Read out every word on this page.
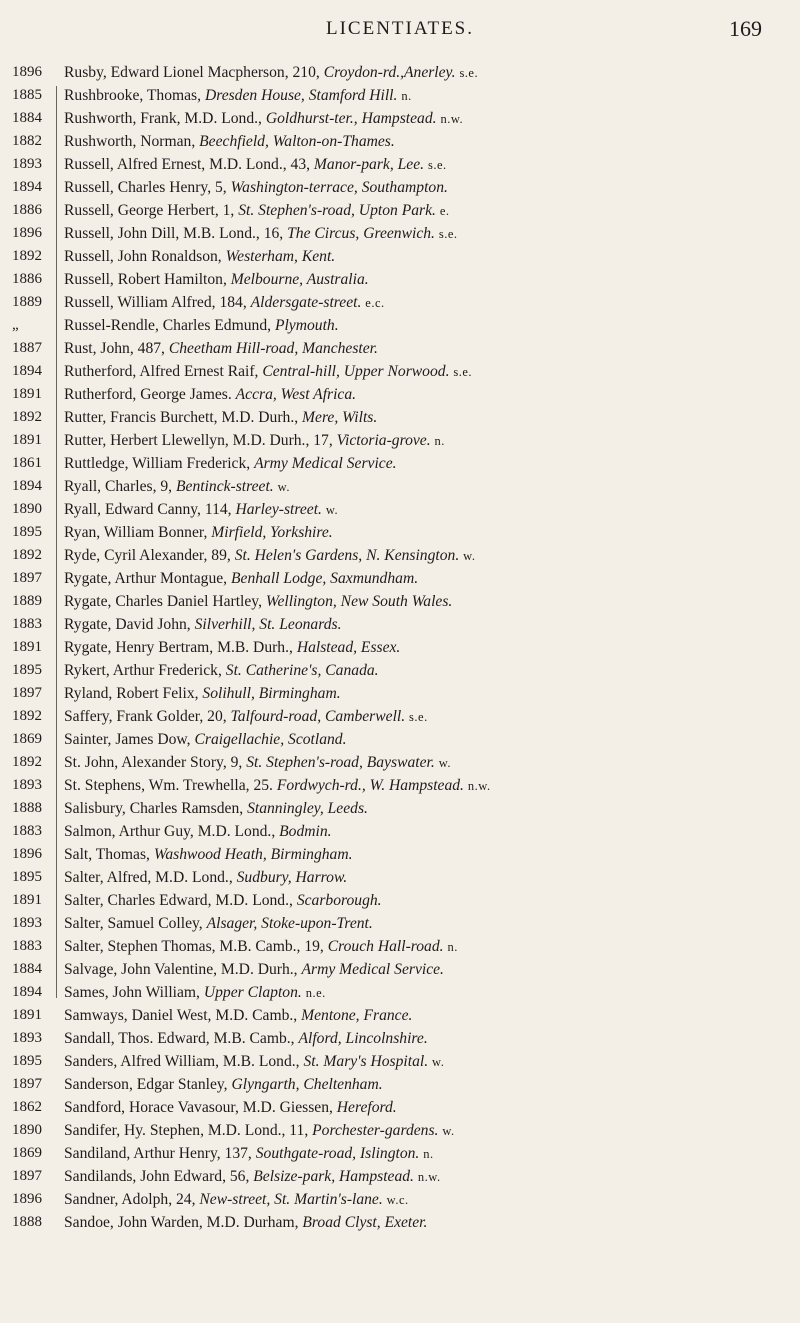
LICENTIATES.	169
1896	Rusby, Edward Lionel Macpherson, 210, Croydon-rd.,Anerley. s.e.
1885	Rushbrooke, Thomas, Dresden House, Stamford Hill. n.
1884	Rushworth, Frank, M.D. Lond., Goldhurst-ter., Hampstead. n.w.
1882	Rushworth, Norman, Beechfield, Walton-on-Thames.
1893	Russell, Alfred Ernest, M.D. Lond., 43, Manor-park, Lee. s.e.
1894	Russell, Charles Henry, 5, Washington-terrace, Southampton.
1886	Russell, George Herbert, 1, St. Stephen's-road, Upton Park. e.
1896	Russell, John Dill, M.B. Lond., 16, The Circus, Greenwich. s.e.
1892	Russell, John Ronaldson, Westerham, Kent.
1886	Russell, Robert Hamilton, Melbourne, Australia.
1889	Russell, William Alfred, 184, Aldersgate-street. e.c.
„	Russel-Rendle, Charles Edmund, Plymouth.
1887	Rust, John, 487, Cheetham Hill-road, Manchester.
1894	Rutherford, Alfred Ernest Raif, Central-hill, Upper Norwood. s.e.
1891	Rutherford, George James. Accra, West Africa.
1892	Rutter, Francis Burchett, M.D. Durh., Mere, Wilts.
1891	Rutter, Herbert Llewellyn, M.D. Durh., 17, Victoria-grove. n.
1861	Ruttledge, William Frederick, Army Medical Service.
1894	Ryall, Charles, 9, Bentinck-street. w.
1890	Ryall, Edward Canny, 114, Harley-street. w.
1895	Ryan, William Bonner, Mirfield, Yorkshire.
1892	Ryde, Cyril Alexander, 89, St. Helen's Gardens, N. Kensington. w.
1897	Rygate, Arthur Montague, Benhall Lodge, Saxmundham.
1889	Rygate, Charles Daniel Hartley, Wellington, New South Wales.
1883	Rygate, David John, Silverhill, St. Leonards.
1891	Rygate, Henry Bertram, M.B. Durh., Halstead, Essex.
1895	Rykert, Arthur Frederick, St. Catherine's, Canada.
1897	Ryland, Robert Felix, Solihull, Birmingham.
1892	Saffery, Frank Golder, 20, Talfourd-road, Camberwell. s.e.
1869	Sainter, James Dow, Craigellachie, Scotland.
1892	St. John, Alexander Story, 9, St. Stephen's-road, Bayswater. w.
1893	St. Stephens, Wm. Trewhella, 25. Fordwych-rd., W. Hampstead. n.w.
1888	Salisbury, Charles Ramsden, Stanningley, Leeds.
1883	Salmon, Arthur Guy, M.D. Lond., Bodmin.
1896	Salt, Thomas, Washwood Heath, Birmingham.
1895	Salter, Alfred, M.D. Lond., Sudbury, Harrow.
1891	Salter, Charles Edward, M.D. Lond., Scarborough.
1893	Salter, Samuel Colley, Alsager, Stoke-upon-Trent.
1883	Salter, Stephen Thomas, M.B. Camb., 19, Crouch Hall-road. n.
1884	Salvage, John Valentine, M.D. Durh., Army Medical Service.
1894	Sames, John William, Upper Clapton. n.e.
1891	Samways, Daniel West, M.D. Camb., Mentone, France.
1893	Sandall, Thos. Edward, M.B. Camb., Alford, Lincolnshire.
1895	Sanders, Alfred William, M.B. Lond., St. Mary's Hospital. w.
1897	Sanderson, Edgar Stanley, Glyngarth, Cheltenham.
1862	Sandford, Horace Vavasour, M.D. Giessen, Hereford.
1890	Sandifer, Hy. Stephen, M.D. Lond., 11, Porchester-gardens. w.
1869	Sandiland, Arthur Henry, 137, Southgate-road, Islington. n.
1897	Sandilands, John Edward, 56, Belsize-park, Hampstead. n.w.
1896	Sandner, Adolph, 24, New-street, St. Martin's-lane. w.c.
1888	Sandoe, John Warden, M.D. Durham, Broad Clyst, Exeter.
